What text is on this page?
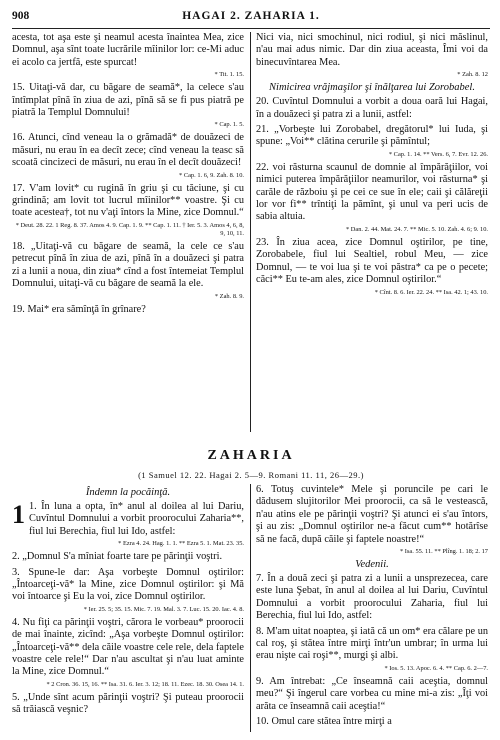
908	HAGAI 2. ZAHARIA 1.
acesta, tot aşa este şi neamul acesta înaintea Mea, zice Domnul, aşa sînt toate lucrările mîinilor lor: ce-Mi aduc ei acolo ca jertfă, este spurcat!
* Tit. 1. 15.
15. Uitaţi-vă dar, cu băgare de seamă*, la celece s'au întîmplat pînă în ziua de azi, pînă să se fi pus piatră pe piatră la Templul Domnului!
* Cap. 1. 5.
16. Atunci, cînd veneau la o grămadă* de douăzeci de măsuri, nu erau în ea decît zece; cînd veneau la teasc să scoată cincizeci de măsuri, nu erau în el decît douăzeci!
* Cap. 1. 6, 9. Zah. 8. 10.
17. V'am lovit* cu rugină în griu şi cu tăciune, şi cu grindină; am lovit tot lucrul mîinilor** voastre. Şi cu toate acestea†, tot nu v'aţi întors la Mine, zice Domnul.“
* Deut. 28. 22. 1 Reg. 8. 37. Amos 4. 9. Cap. 1. 9. ** Cap. 1. 11. † Ier. 5. 3. Amos 4, 6, 8, 9, 10, 11.
18. „Uitaţi-vă cu băgare de seamă, la cele ce s'au petrecut pînă în ziua de azi, pînă în a douăzeci şi patra zi a lunii a noua, din ziua* cînd a fost întemeiat Templul Domnului, uitaţi-vă cu băgare de seamă la ele.
* Zah. 8. 9.
19. Mai* era sămînţă în grînare?
Nici via, nici smochinul, nici rodiul, şi nici măslinul, n'au mai adus nimic. Dar din ziua aceasta, Îmi voi da binecuvîntarea Mea.
* Zah. 8. 12
Nimicirea vrăjmaşilor şi înălţarea lui Zorobabel.
20. Cuvîntul Domnului a vorbit a doua oară lui Hagai, în a douăzeci şi patra zi a lunii, astfel:
21. „Vorbeşte lui Zorobabel, dregătorul* lui Iuda, şi spune: „Voi** clătina cerurile şi pămîntul;
* Cap. 1. 14. ** Vers. 6, 7. Evr. 12. 26.
22. voi răsturna scaunul de domnie al împărăţiilor, voi nimici puterea împărăţiilor neamurilor, voi răsturna* şi carăle de războiu şi pe cei ce sue în ele; caii şi călăreţii lor vor fi** trîntiţi la pămînt, şi unul va peri ucis de sabia altuia.
* Dan. 2. 44. Mat. 24. 7. ** Mic. 5. 10. Zah. 4. 6; 9. 10.
23. În ziua acea, zice Domnul oştirilor, pe tine, Zorobabele, fiul lui Sealtiel, robul Meu, — zice Domnul, — te voi lua şi te voi păstra* ca pe o pecete; căci** Eu te-am ales, zice Domnul oştirilor.“
* Cînt. 8. 6. Ier. 22. 24. ** Isa. 42. 1; 43. 10.
ZAHARIA
(1 Samuel 12. 22. Hagai 2. 5—9. Romani 11. 11, 26—29.)
Îndemn la pocăinţă.
1 1. În luna a opta, în* anul al doilea al lui Dariu, Cuvîntul Domnului a vorbit proorocului Zaharia**, fiul lui Berechia, fiul lui Ido, astfel:
* Ezra 4. 24. Hag. 1. 1. ** Ezra 5. 1. Mat. 23. 35.
2. „Domnul S'a mîniat foarte tare pe părinţii voştri.
3. Spune-le dar: Aşa vorbeşte Domnul oştirilor: „Întoarceţi-vă* la Mine, zice Domnul oştirilor: şi Mă voi întoarce şi Eu la voi, zice Domnul oştirilor.
* Ier. 25. 5; 35. 15. Mic. 7. 19. Mal. 3. 7. Luc. 15. 20. Iac. 4. 8.
4. Nu fiţi ca părinţii voştri, cărora le vorbeau* proorocii de mai înainte, zicînd: „Aşa vorbeşte Domnul oştirilor: „Întoarceţi-vă** dela căile voastre cele rele, dela faptele voastre cele rele!“ Dar n'au ascultat şi n'au luat aminte la Mine, zice Domnul.“
* 2 Cron. 36. 15, 16. ** Isa. 31. 6. Ier. 3. 12; 18. 11. Ezec. 18. 30. Osea 14. 1.
5. „Unde sînt acum părinţii voştri? Şi puteau proorocii să trăiască veşnic?
6. Totuş cuvintele* Mele şi poruncile pe cari le dădusem slujitorilor Mei proorocii, ca să le vestească, n'au atins ele pe părinţii voştri? Şi atunci ei s'au întors, şi au zis: „Domnul oştirilor ne-a făcut cum** hotărîse să ne facă, după căile şi faptele noastre!“
* Isa. 55. 11. ** Plîng. 1. 18; 2. 17
Vedenii.
7. În a două zeci şi patra zi a lunii a unsprezecea, care este luna Şebat, în anul al doilea al lui Dariu, Cuvîntul Domnului a vorbit proorocului Zaharia, fiul lui Berechia, fiul lui Ido, astfel:
8. M'am uitat noaptea, şi iată că un om* era călare pe un cal roş, şi stătea între mirţi într'un umbrar; în urma lui erau nişte cai roşi**, murgi şi albi.
* Ios. 5. 13. Apoc. 6. 4. ** Cap. 6. 2—7.
9. Am întrebat: „Ce înseamnă caii aceştia, domnul meu?“ Şi îngerul care vorbea cu mine mi-a zis: „Îţi voi arăta ce înseamnă caii aceştia!“
10. Omul care stătea între mirţi a
